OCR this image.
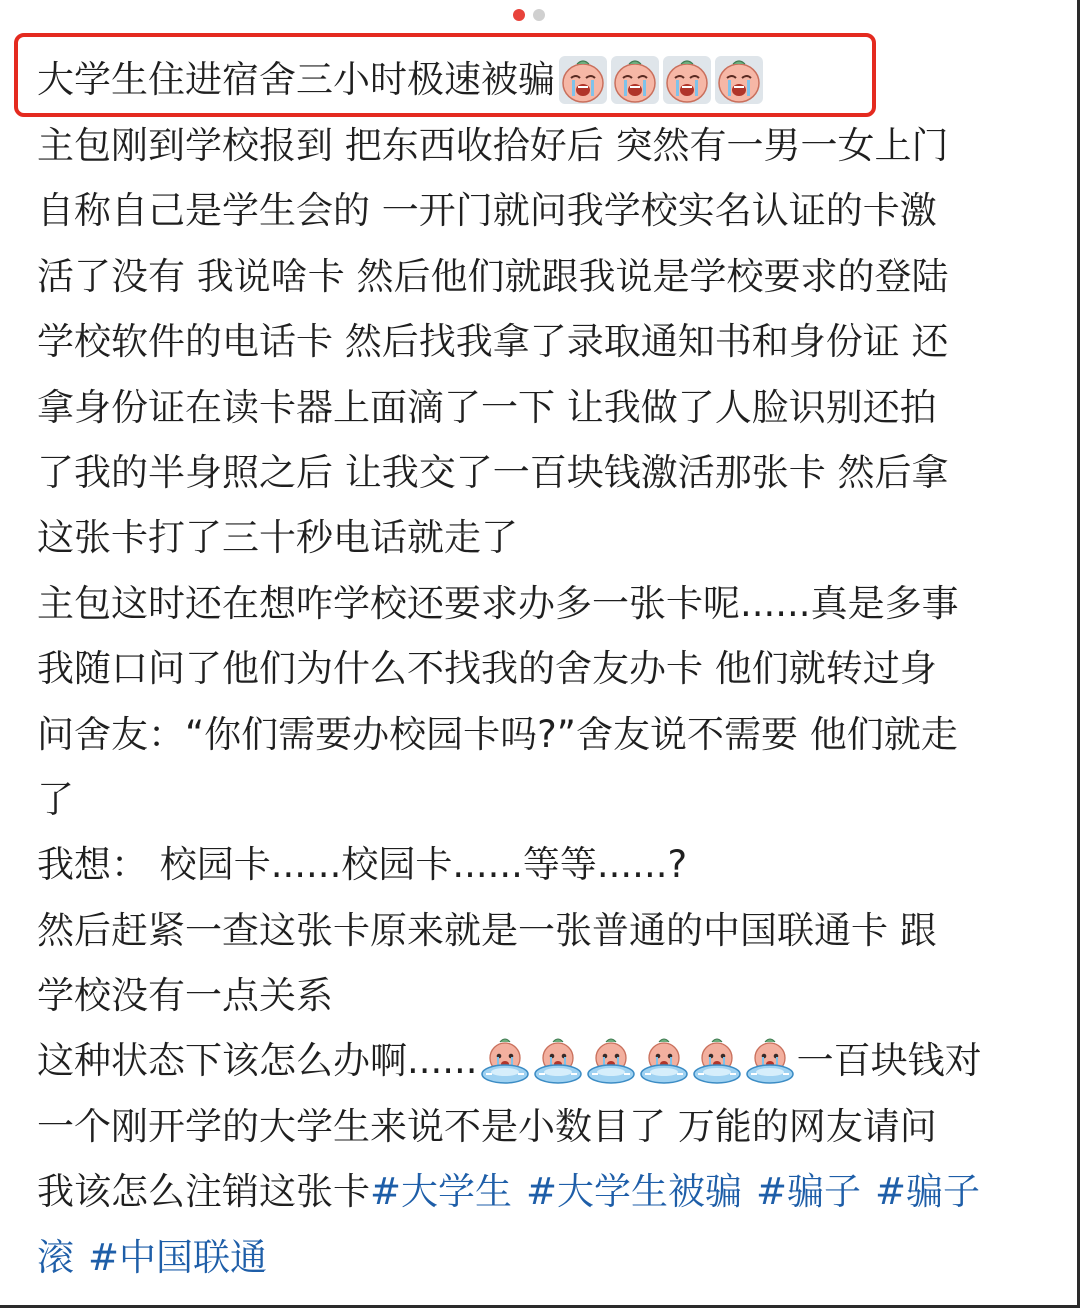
大学生住进宿舍三小时极速被骗
主包刚到学校报到 把东西收拾好后 突然有一男一女上门
自称自己是学生会的 一开门就问我学校实名认证的卡激
活了没有 我说啥卡 然后他们就跟我说是学校要求的登陆
学校软件的电话卡 然后找我拿了录取通知书和身份证 还
拿身份证在读卡器上面滴了一下 让我做了人脸识别还拍
了我的半身照之后 让我交了一百块钱激活那张卡 然后拿
这张卡打了三十秒电话就走了
主包这时还在想咋学校还要求办多一张卡呢......真是多事
我随口问了他们为什么不找我的舍友办卡 他们就转过身
问舍友：“你们需要办校园卡吗?”舍友说不需要 他们就走
了
我想： 校园卡......校园卡......等等......?
然后赶紧一查这张卡原来就是一张普通的中国联通卡 跟
学校没有一点关系
这种状态下该怎么办啊......	一百块钱对
一个刚开学的大学生来说不是小数目了 万能的网友请问
我该怎么注销这张卡 #大学生 #大学生被骗 #骗子 #骗子
滚 #中国联通
